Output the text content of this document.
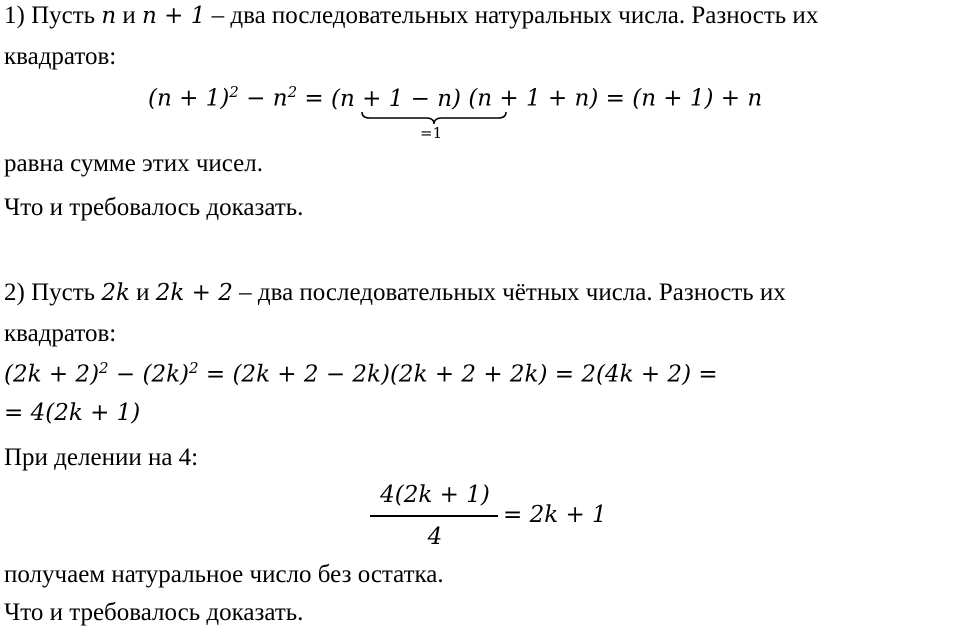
1) Пусть n и n + 1 – два последовательных натуральных числа. Разность их
квадратов:
$(n + 1)^2 - n^2 = (n + 1 - n)$ (n + 1 + n) = (n + 1) + n
=1
равна сумме этих чисел.
Что и требовалось доказать.
2) Пусть 2k и 2k + 2 – два последовательных чётных числа. Разность их
квадратов:
$(2k + 2)^2 - (2k)^2 = (2k + 2 - 2k)(2k + 2 + 2k) = 2(4k + 2)$ =
= 4(2k + 1)
При делении на 4:
4(2k + 1)
4
= 2k + 1
получаем натуральное число без остатка.
Что и требовалось доказать.
